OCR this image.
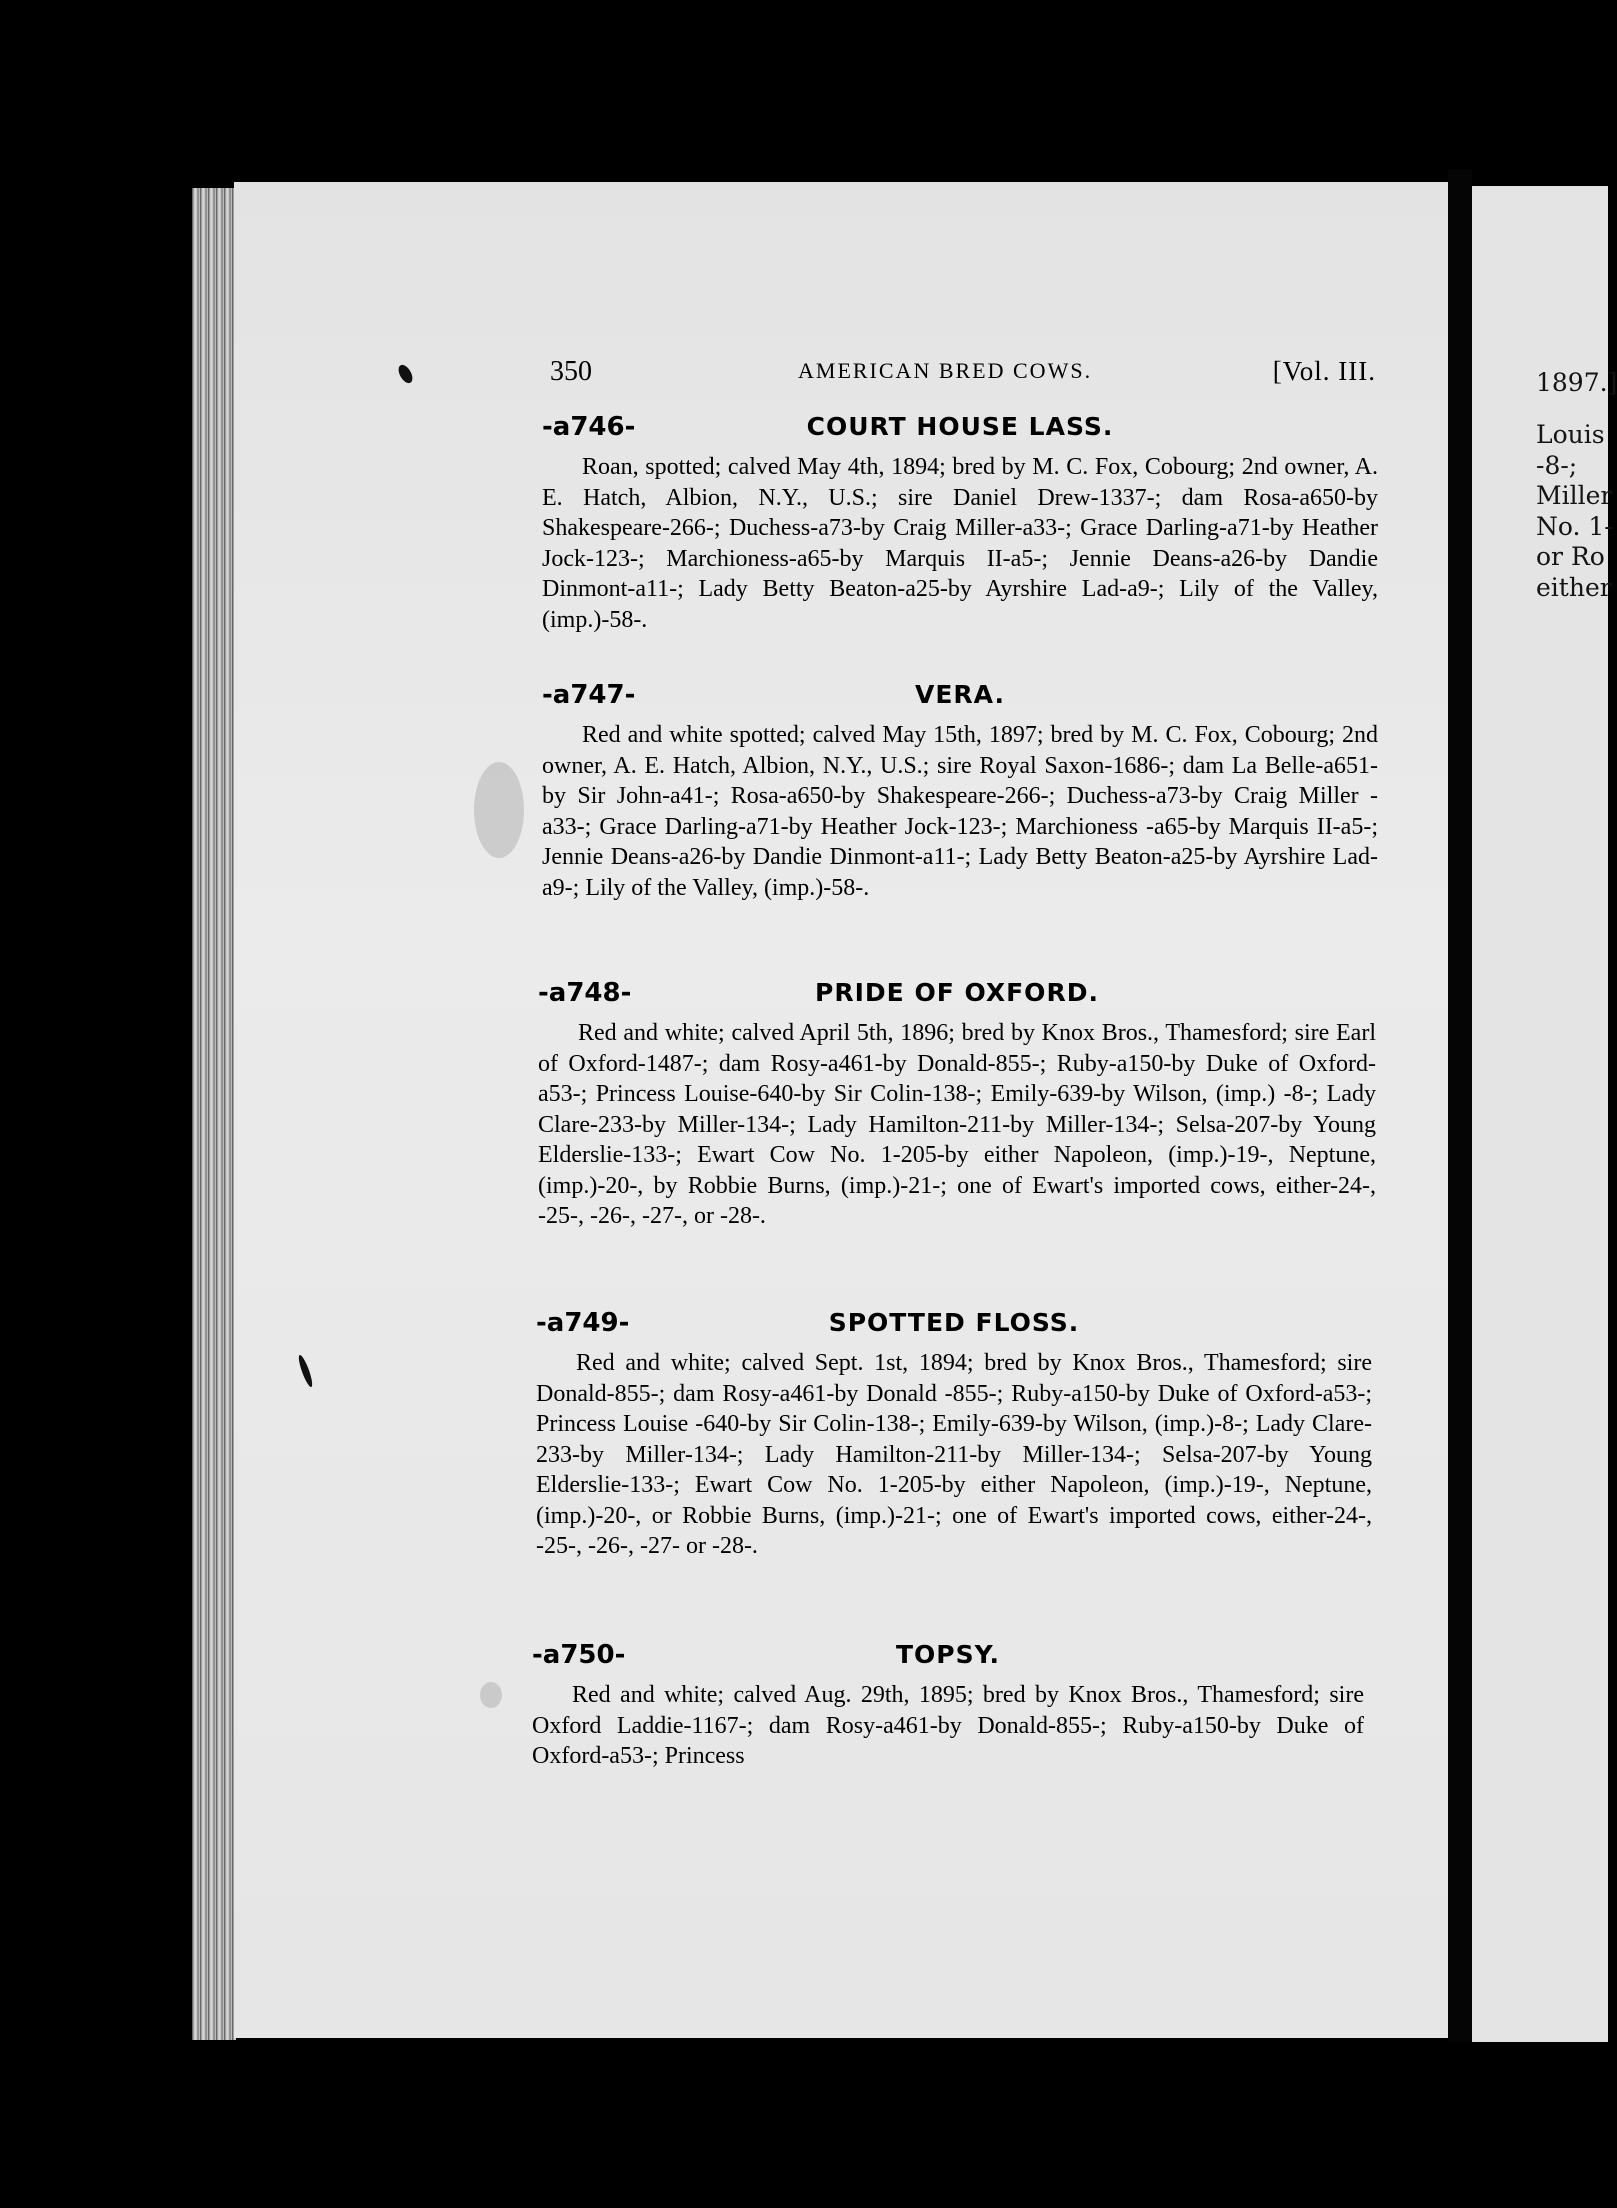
1897.]
Louis
-8-;
Miller
No. 1-
or Ro
either
350	AMERICAN BRED COWS.	[Vol. III.
-a746-	COURT HOUSE LASS.
Roan, spotted; calved May 4th, 1894; bred by M. C. Fox, Cobourg; 2nd owner, A. E. Hatch, Albion, N.Y., U.S.; sire Daniel Drew-1337-; dam Rosa-a650-by Shakespeare-266-; Duchess-a73-by Craig Miller-a33-; Grace Darling-a71-by Heather Jock-123-; Marchioness-a65-by Marquis II-a5-; Jennie Deans-a26-by Dandie Dinmont-a11-; Lady Betty Beaton-a25-by Ayrshire Lad-a9-; Lily of the Valley, (imp.)-58-.
-a747-	VERA.
Red and white spotted; calved May 15th, 1897; bred by M. C. Fox, Cobourg; 2nd owner, A. E. Hatch, Albion, N.Y., U.S.; sire Royal Saxon-1686-; dam La Belle-a651-by Sir John-a41-; Rosa-a650-by Shakespeare-266-; Duchess-a73-by Craig Miller -a33-; Grace Darling-a71-by Heather Jock-123-; Marchioness -a65-by Marquis II-a5-; Jennie Deans-a26-by Dandie Dinmont-a11-; Lady Betty Beaton-a25-by Ayrshire Lad-a9-; Lily of the Valley, (imp.)-58-.
-a748-	PRIDE OF OXFORD.
Red and white; calved April 5th, 1896; bred by Knox Bros., Thamesford; sire Earl of Oxford-1487-; dam Rosy-a461-by Donald-855-; Ruby-a150-by Duke of Oxford-a53-; Princess Louise-640-by Sir Colin-138-; Emily-639-by Wilson, (imp.) -8-; Lady Clare-233-by Miller-134-; Lady Hamilton-211-by Miller-134-; Selsa-207-by Young Elderslie-133-; Ewart Cow No. 1-205-by either Napoleon, (imp.)-19-, Neptune, (imp.)-20-, by Robbie Burns, (imp.)-21-; one of Ewart's imported cows, either-24-, -25-, -26-, -27-, or -28-.
-a749-	SPOTTED FLOSS.
Red and white; calved Sept. 1st, 1894; bred by Knox Bros., Thamesford; sire Donald-855-; dam Rosy-a461-by Donald -855-; Ruby-a150-by Duke of Oxford-a53-; Princess Louise -640-by Sir Colin-138-; Emily-639-by Wilson, (imp.)-8-; Lady Clare-233-by Miller-134-; Lady Hamilton-211-by Miller-134-; Selsa-207-by Young Elderslie-133-; Ewart Cow No. 1-205-by either Napoleon, (imp.)-19-, Neptune, (imp.)-20-, or Robbie Burns, (imp.)-21-; one of Ewart's imported cows, either-24-, -25-, -26-, -27- or -28-.
-a750-	TOPSY.
Red and white; calved Aug. 29th, 1895; bred by Knox Bros., Thamesford; sire Oxford Laddie-1167-; dam Rosy-a461-by Donald-855-; Ruby-a150-by Duke of Oxford-a53-; Princess
